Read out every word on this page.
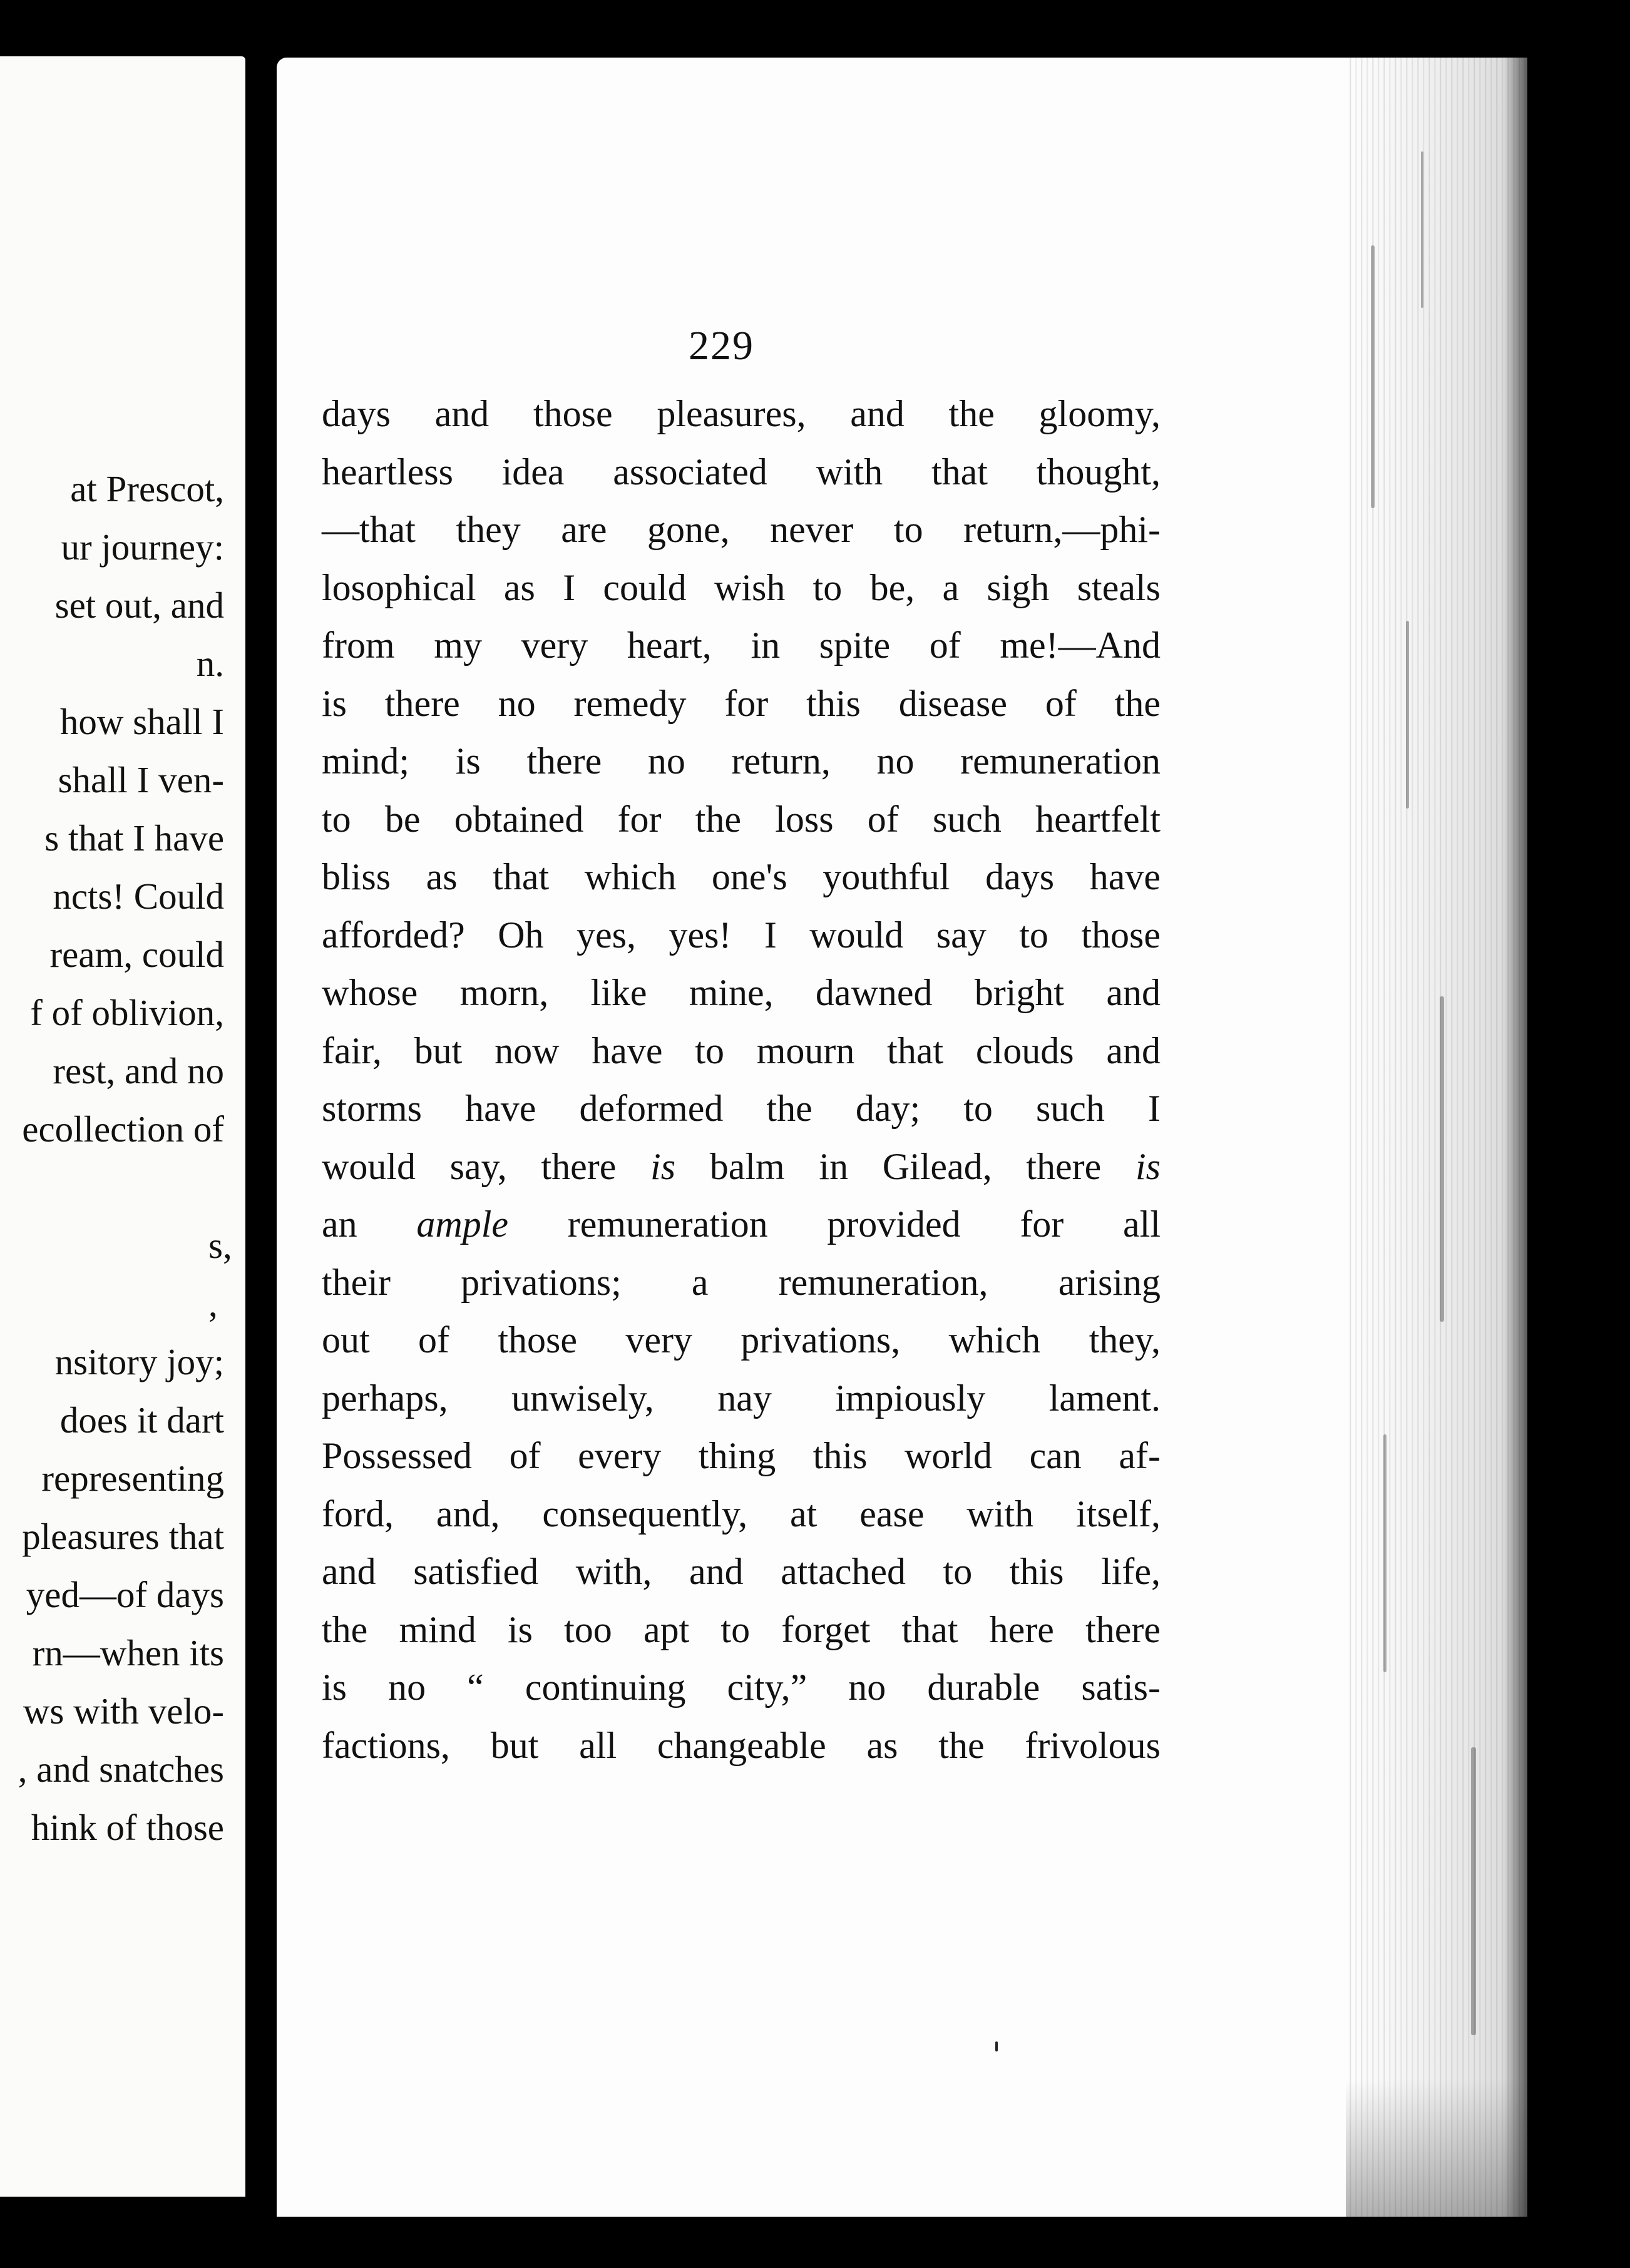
at Prescot,
ur journey:
set out, and
n.
how shall I
shall I ven-
s that I have
ncts! Could
ream, could
f of oblivion,
rest, and no
ecollection of
s,
,
nsitory joy;
does it dart
representing
pleasures that
yed—of days
rn—when its
ws with velo-
, and snatches
hink of those
229
days and those pleasures, and the gloomy,
heartless idea associated with that thought,
—that they are gone, never to return,—phi-
losophical as I could wish to be, a sigh steals
from my very heart, in spite of me!—And
is there no remedy for this disease of the
mind; is there no return, no remuneration
to be obtained for the loss of such heartfelt
bliss as that which one's youthful days have
afforded? Oh yes, yes! I would say to those
whose morn, like mine, dawned bright and
fair, but now have to mourn that clouds and
storms have deformed the day; to such I
would say, there is balm in Gilead, there is
an ample remuneration provided for all
their privations; a remuneration, arising
out of those very privations, which they,
perhaps, unwisely, nay impiously lament.
Possessed of every thing this world can af-
ford, and, consequently, at ease with itself,
and satisfied with, and attached to this life,
the mind is too apt to forget that here there
is no “ continuing city,” no durable satis-
factions, but all changeable as the frivolous
